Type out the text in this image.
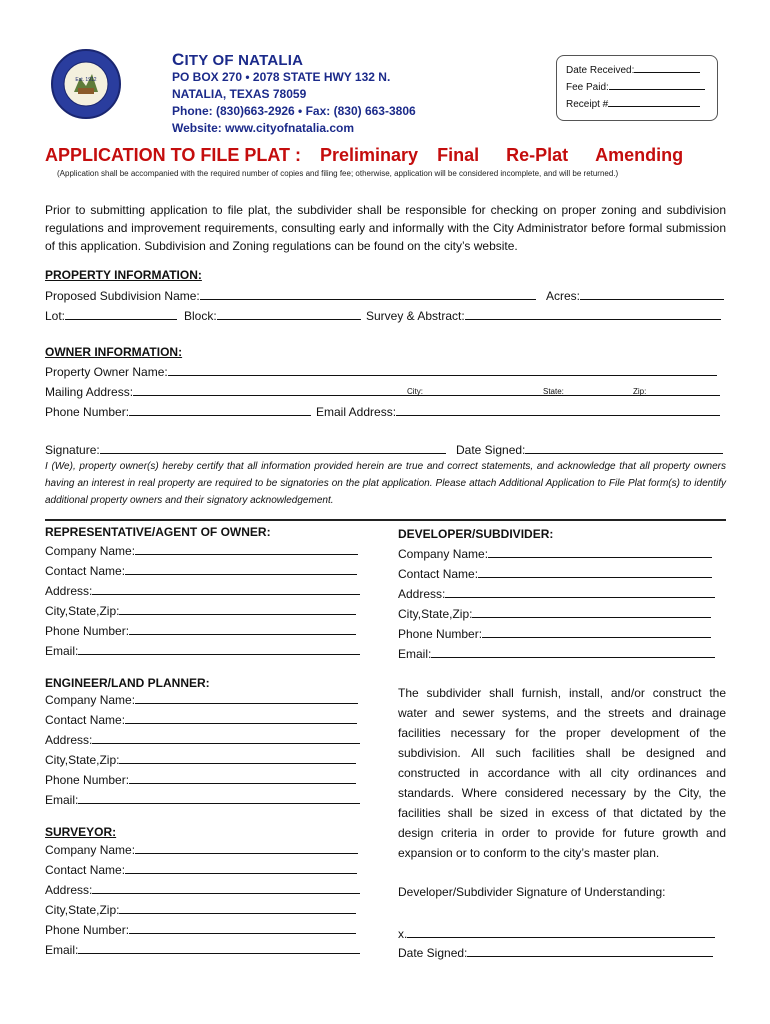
Est. 1912
CITY OF NATALIA
PO BOX 270 • 2078 STATE HWY 132 N.
NATALIA, TEXAS 78059
Phone: (830)663-2926 • Fax: (830) 663-3806
Website: www.cityofnatalia.com
Date Received:
Fee Paid:
Receipt #
APPLICATION TO FILE PLAT : Preliminary Final Re-Plat Amending
(Application shall be accompanied with the required number of copies and filing fee; otherwise, application will be considered incomplete, and will be returned.)
Prior to submitting application to file plat, the subdivider shall be responsible for checking on proper zoning and subdivision regulations and improvement requirements, consulting early and informally with the City Administrator before formal submission of this application. Subdivision and Zoning regulations can be found on the city’s website.
PROPERTY INFORMATION:
Proposed Subdivision Name:	Acres:
Lot:	Block:	Survey & Abstract:
OWNER INFORMATION:
Property Owner Name:
Mailing Address:	City:	State:	Zip:
Phone Number:	Email Address:
Signature:	Date Signed:
I (We), property owner(s) hereby certify that all information provided herein are true and correct statements, and acknowledge that all property owners having an interest in real property are required to be signatories on the plat application. Please attach Additional Application to File Plat form(s) to identify additional property owners and their signatory acknowledgement.
REPRESENTATIVE/AGENT OF OWNER:
Company Name:
Contact Name:
Address:
City,State,Zip:
Phone Number:
Email:
ENGINEER/LAND PLANNER:
Company Name:
Contact Name:
Address:
City,State,Zip:
Phone Number:
Email:
SURVEYOR:
Company Name:
Contact Name:
Address:
City,State,Zip:
Phone Number:
Email:
DEVELOPER/SUBDIVIDER:
Company Name:
Contact Name:
Address:
City,State,Zip:
Phone Number:
Email:
The subdivider shall furnish, install, and/or construct the water and sewer systems, and the streets and drainage facilities necessary for the proper development of the subdivision. All such facilities shall be designed and constructed in accordance with all city ordinances and standards. Where considered necessary by the City, the facilities shall be sized in excess of that dictated by the design criteria in order to provide for future growth and expansion or to conform to the city’s master plan.
Developer/Subdivider Signature of Understanding:
x.
Date Signed:
